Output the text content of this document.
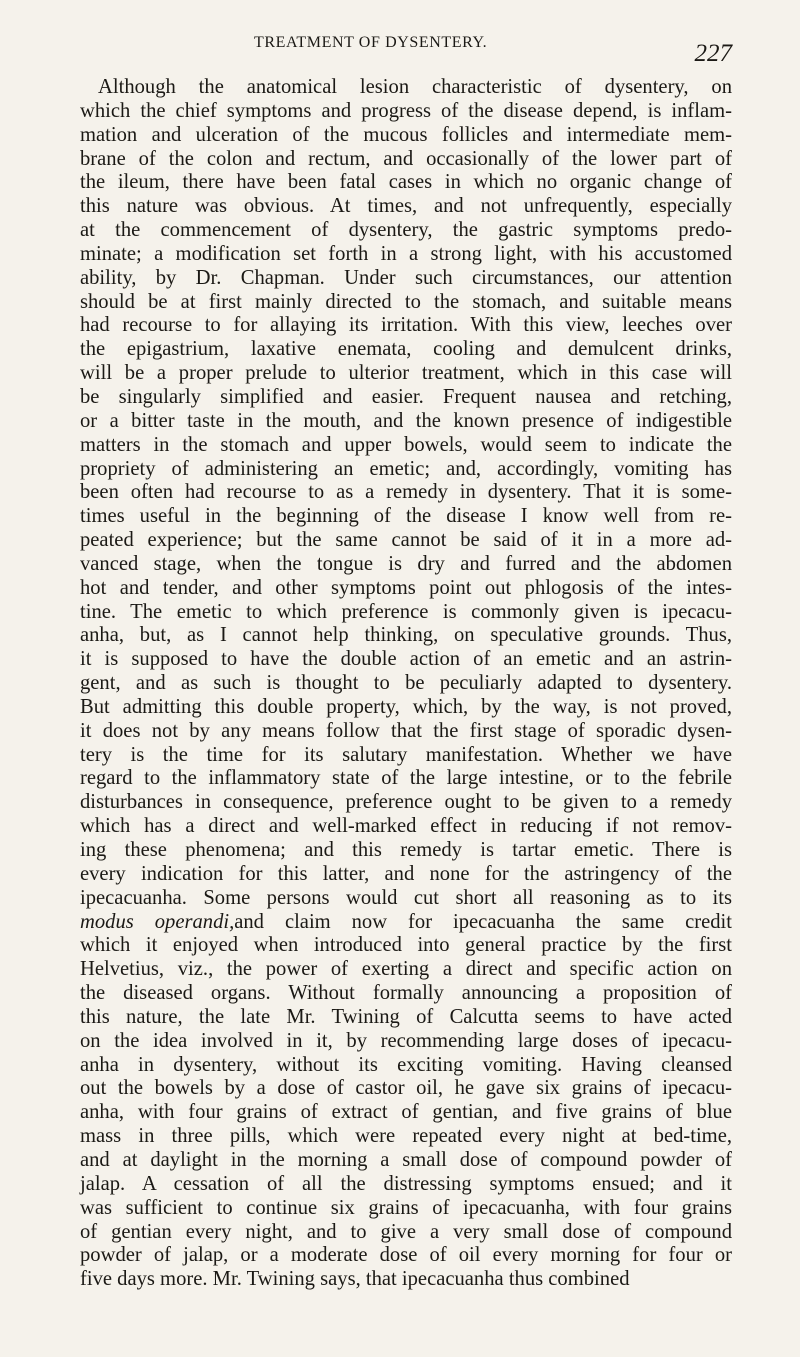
TREATMENT OF DYSENTERY.	227
Although the anatomical lesion characteristic of dysentery, on
which the chief symptoms and progress of the disease depend, is inflam-
mation and ulceration of the mucous follicles and intermediate mem-
brane of the colon and rectum, and occasionally of the lower part of
the ileum, there have been fatal cases in which no organic change of
this nature was obvious. At times, and not unfrequently, especially
at the commencement of dysentery, the gastric symptoms predo-
minate; a modification set forth in a strong light, with his accustomed
ability, by Dr. Chapman. Under such circumstances, our attention
should be at first mainly directed to the stomach, and suitable means
had recourse to for allaying its irritation. With this view, leeches over
the epigastrium, laxative enemata, cooling and demulcent drinks,
will be a proper prelude to ulterior treatment, which in this case will
be singularly simplified and easier. Frequent nausea and retching,
or a bitter taste in the mouth, and the known presence of indigestible
matters in the stomach and upper bowels, would seem to indicate the
propriety of administering an emetic; and, accordingly, vomiting has
been often had recourse to as a remedy in dysentery. That it is some-
times useful in the beginning of the disease I know well from re-
peated experience; but the same cannot be said of it in a more ad-
vanced stage, when the tongue is dry and furred and the abdomen
hot and tender, and other symptoms point out phlogosis of the intes-
tine. The emetic to which preference is commonly given is ipecacu-
anha, but, as I cannot help thinking, on speculative grounds. Thus,
it is supposed to have the double action of an emetic and an astrin-
gent, and as such is thought to be peculiarly adapted to dysentery.
But admitting this double property, which, by the way, is not proved,
it does not by any means follow that the first stage of sporadic dysen-
tery is the time for its salutary manifestation. Whether we have
regard to the inflammatory state of the large intestine, or to the febrile
disturbances in consequence, preference ought to be given to a remedy
which has a direct and well-marked effect in reducing if not remov-
ing these phenomena; and this remedy is tartar emetic. There is
every indication for this latter, and none for the astringency of the
ipecacuanha. Some persons would cut short all reasoning as to its
modus operandi,and claim now for ipecacuanha the same credit
which it enjoyed when introduced into general practice by the first
Helvetius, viz., the power of exerting a direct and specific action on
the diseased organs. Without formally announcing a proposition of
this nature, the late Mr. Twining of Calcutta seems to have acted
on the idea involved in it, by recommending large doses of ipecacu-
anha in dysentery, without its exciting vomiting. Having cleansed
out the bowels by a dose of castor oil, he gave six grains of ipecacu-
anha, with four grains of extract of gentian, and five grains of blue
mass in three pills, which were repeated every night at bed-time,
and at daylight in the morning a small dose of compound powder of
jalap. A cessation of all the distressing symptoms ensued; and it
was sufficient to continue six grains of ipecacuanha, with four grains
of gentian every night, and to give a very small dose of compound
powder of jalap, or a moderate dose of oil every morning for four or
five days more. Mr. Twining says, that ipecacuanha thus combined
